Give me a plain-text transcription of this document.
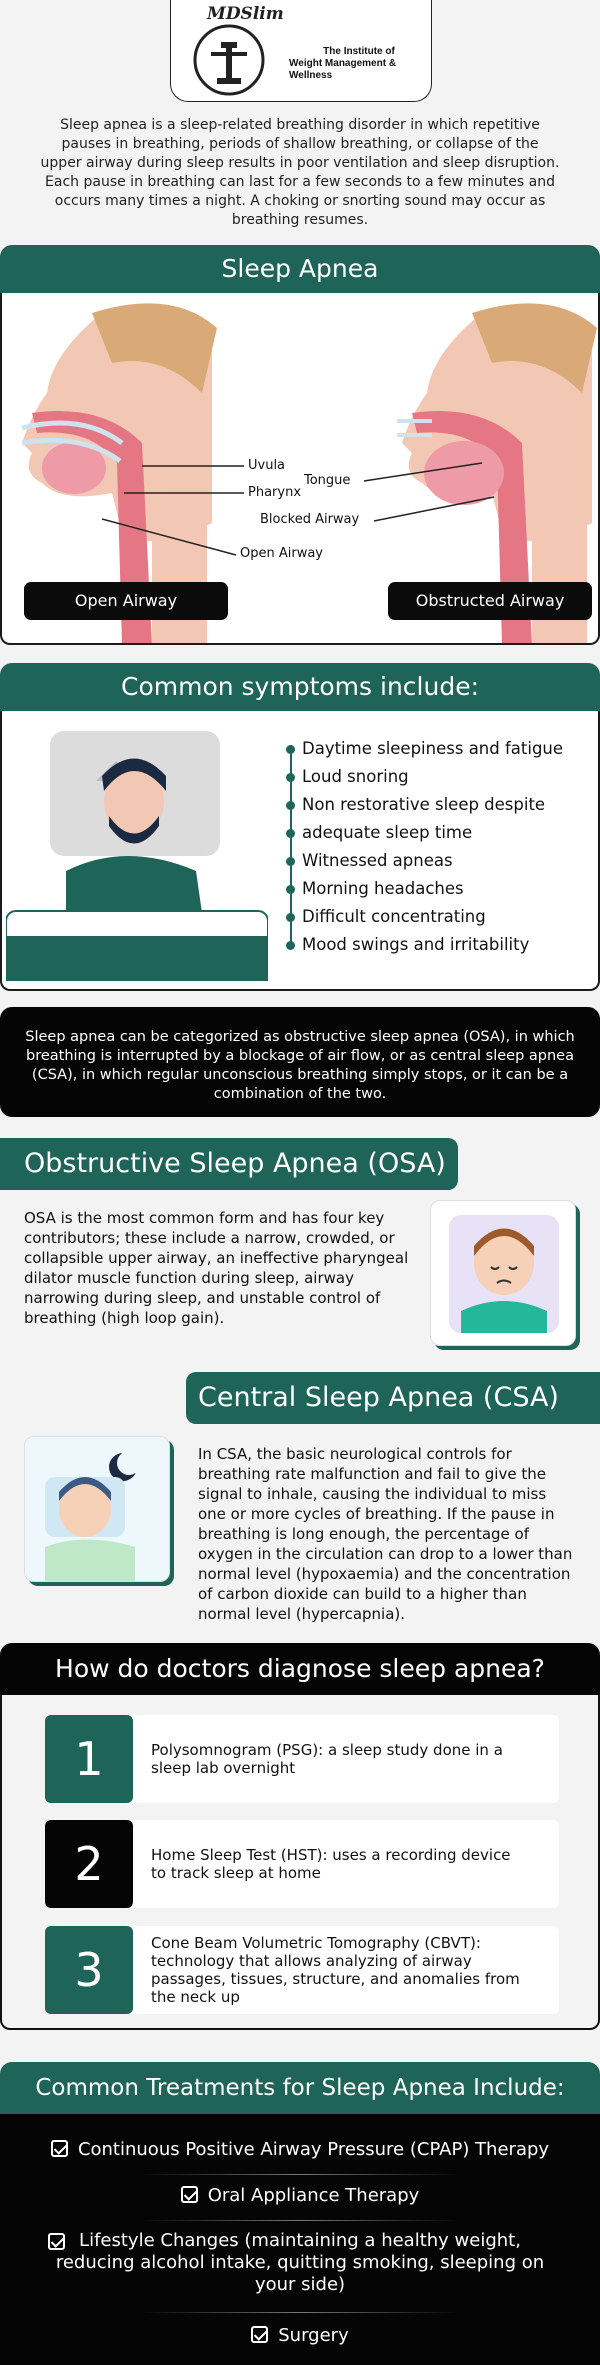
MDSlim
The Institute of
Weight Management & Wellness

Sleep apnea is a sleep-related breathing disorder in which repetitive pauses in breathing, periods of shallow breathing, or collapse of the upper airway during sleep results in poor ventilation and sleep disruption. Each pause in breathing can last for a few seconds to a few minutes and occurs many times a night. A choking or snorting sound may occur as breathing resumes.

Sleep Apnea
Uvula
Pharynx
Open Airway
Tongue
Blocked Airway
Open Airway	Obstructed Airway
Common symptoms include:
Daytime sleepiness and fatigue
Loud snoring
Non restorative sleep despite
adequate sleep time
Witnessed apneas
Morning headaches
Difficult concentrating
Mood swings and irritability
Sleep apnea can be categorized as obstructive sleep apnea (OSA), in which breathing is interrupted by a blockage of air flow, or as central sleep apnea (CSA), in which regular unconscious breathing simply stops, or it can be a combination of the two.
Obstructive Sleep Apnea (OSA)

OSA is the most common form and has four key contributors; these include a narrow, crowded, or collapsible upper airway, an ineffective pharyngeal dilator muscle function during sleep, airway narrowing during sleep, and unstable control of breathing (high loop gain).

Central Sleep Apnea (CSA)

In CSA, the basic neurological controls for breathing rate malfunction and fail to give the signal to inhale, causing the individual to miss one or more cycles of breathing. If the pause in breathing is long enough, the percentage of oxygen in the circulation can drop to a lower than normal level (hypoxaemia) and the concentration of carbon dioxide can build to a higher than normal level (hypercapnia).

How do doctors diagnose sleep apnea?
1	Polysomnogram (PSG): a sleep study done in a sleep lab overnight
2	Home Sleep Test (HST): uses a recording device to track sleep at home
3	Cone Beam Volumetric Tomography (CBVT): technology that allows analyzing of airway passages, tissues, structure, and anomalies from the neck up
Common Treatments for Sleep Apnea Include:
Continuous Positive Airway Pressure (CPAP) Therapy
Oral Appliance Therapy
Lifestyle Changes (maintaining a healthy weight, reducing alcohol intake, quitting smoking, sleeping on your side)
Surgery
